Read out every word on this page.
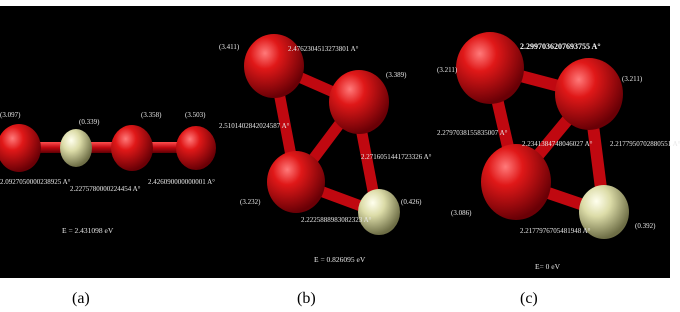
(3.097)
(0.339)
(3.358)	(3.503)
2.0927050000238925 A°
2.2275780000224454 A°
2.426090000000001 A°
E = 2.431098 eV
(3.411)
(3.389)
(3.232)	(0.426)
2.4762304513273801 A°
2.5101402842024587 A°
2.2716051441723326 A°
2.2225888983082323 A°
E = 0.826095 eV
2.2997036207693755 A°
(3.211)
(3.211)
2.2797038155835007 A°
2.2341384748046027 A°	2.2177950702880551 A°
(3.086)
2.2177976705481948 A°
(0.392)
E= 0 eV
(a)	(b)	(c)
